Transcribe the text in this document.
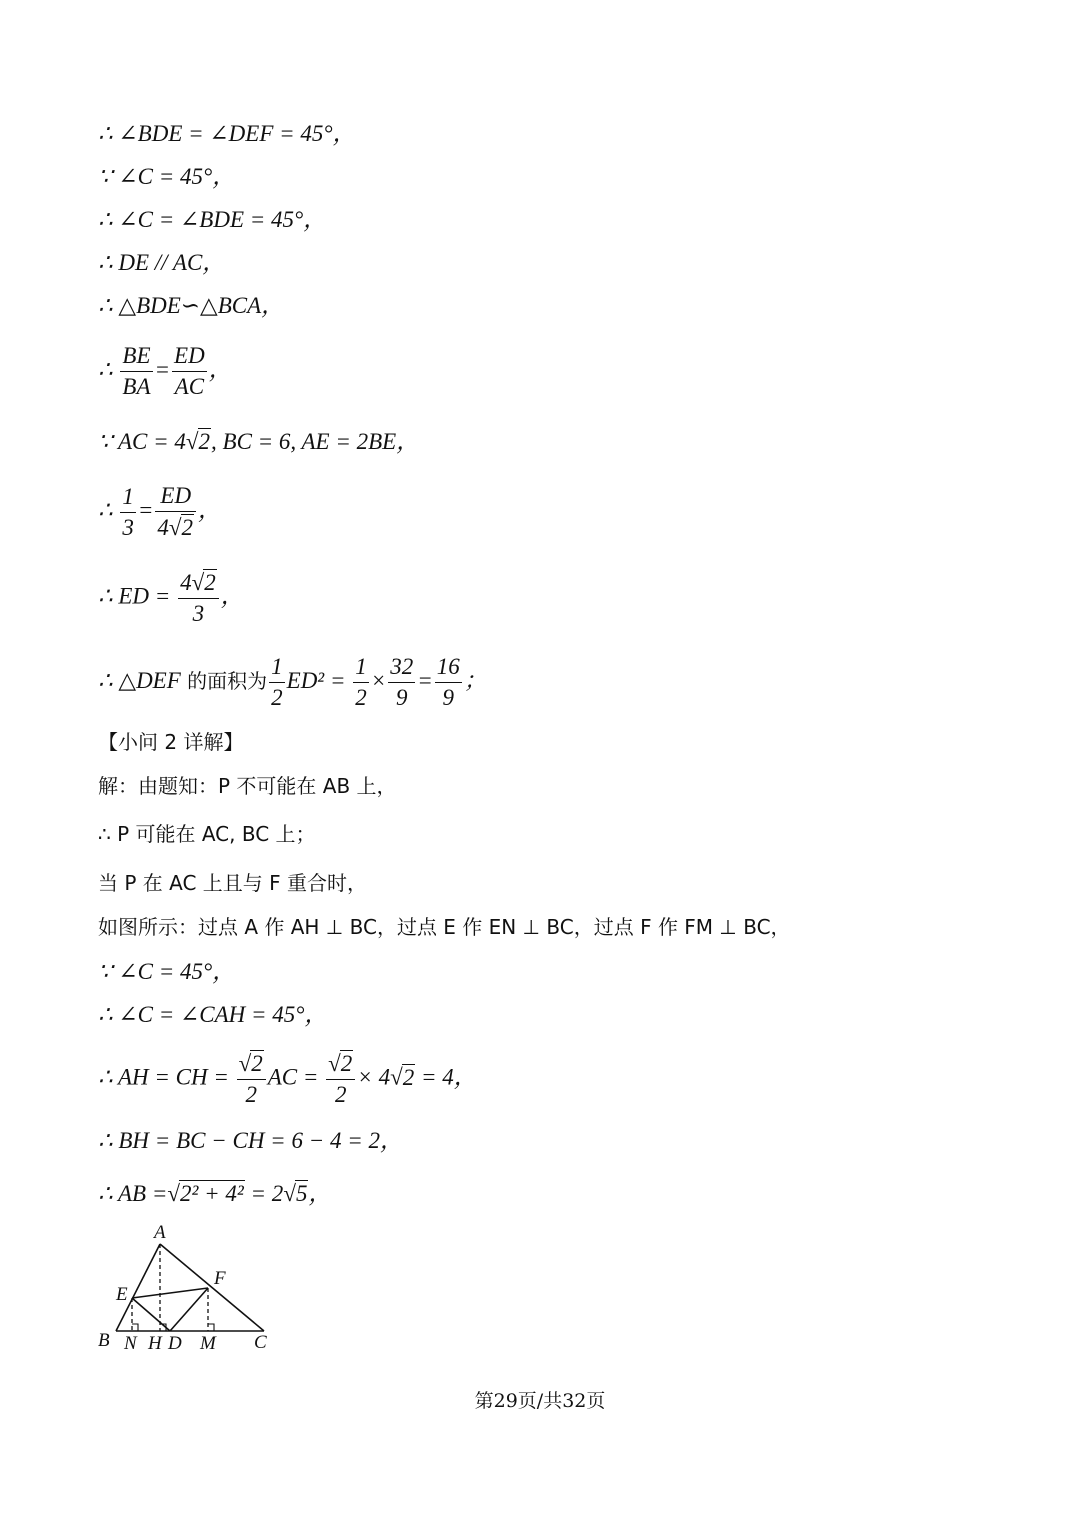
∴ ∠BDE = ∠DEF = 45°，
∵ ∠C = 45°，
∴ ∠C = ∠BDE = 45°，
∴ DE // AC，
∴ △BDE∽△BCA，
∴ $\frac{BE}{BA} = \frac{ED}{AC}$ ，
∵ AC = 4√2, BC = 6, AE = 2BE，
∴ $\frac{1}{3} = \frac{ED}{4√2}$ ，
∴ ED = $\frac{4√2}{3}$ ，
∴ △DEF 的面积为 $\frac{1}{2} ED^2 = \frac{1}{2} \times \frac{32}{9} = \frac{16}{9}$ ；
【小问 2 详解】
解：由题知：P 不可能在 AB 上，
∴ P 可能在 AC, BC 上；
当 P 在 AC 上且与 F 重合时，
如图所示：过点 A 作 AH ⊥ BC，过点 E 作 EN ⊥ BC，过点 F 作 FM ⊥ BC，
∵ ∠C = 45°，
∴ ∠C = ∠CAH = 45°，
∴ AH = CH = $\frac{√2}{2}$ AC = $\frac{√2}{2} \times 4√2 = 4$，
∴ BH = BC − CH = 6 − 4 = 2，
∴ AB =√2² + 4² = 2√5，
A
B	C
D
E
F
H M
N
第29页/共32页
